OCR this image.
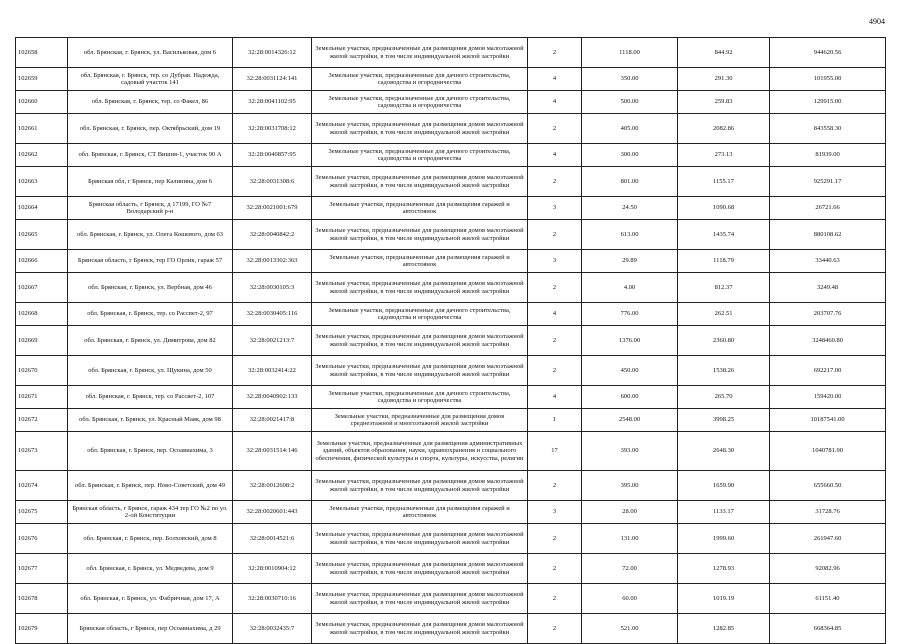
4904
102658	обл. Брянская, г. Брянск, ул. Васильковая, дом 6	32:28:0014326:12	Земельные участки, предназначенные для размещения домов малоэтажной жилой застройки, в том числе индивидуальной жилой застройки	2	1118.00	844.92	944620.56
102659	обл. Брянская, г. Брянск, тер. со Дубрав. Надежда, садовый участок 141	32:28:0031124:141	Земельные участки, предназначенные для дачного строительства, садоводства и огородничества	4	350.00	291.30	101955.00
102660	обл. Брянская, г. Брянск, тер. со Факел, 86	32:28:0041102:95	Земельные участки, предназначенные для дачного строительства, садоводства и огородничества	4	500.00	259.83	129915.00
102661	обл. Брянская, г. Брянск, пер. Октябрьский, дом 19	32:28:0031708:12	Земельные участки, предназначенные для размещения домов малоэтажной жилой застройки, в том числе индивидуальной жилой застройки	2	405.00	2082.86	843558.30
102662	обл. Брянская, г. Брянск, СТ Вишня-1, участок 90 А	32:28:0040857:95	Земельные участки, предназначенные для дачного строительства, садоводства и огородничества	4	300.00	273.13	81939.00
102663	Брянская обл, г Брянск, пер Калинина, дом 6	32:28:0031308:6	Земельные участки, предназначенные для размещения домов малоэтажной жилой застройки, в том числе индивидуальной жилой застройки	2	801.00	1155.17	925291.17
102664	Брянская область, г Брянск, д 17199, ГО №7 Володарский р-н	32:28:0021001:679	Земельные участки, предназначенные для размещения гаражей и автостоянок	3	24.50	1090.68	26721.66
102665	обл. Брянская, г. Брянск, ул. Олега Кошевого, дом 63	32:28:0040842:2	Земельные участки, предназначенные для размещения домов малоэтажной жилой застройки, в том числе индивидуальной жилой застройки	2	613.00	1435.74	880108.62
102666	Брянская область, г Брянск, тер ГО Орлик, гараж 57	32:28:0013302:363	Земельные участки, предназначенные для размещения гаражей и автостоянок	3	29.89	1118.79	33440.63
102667	обл. Брянская, г. Брянск, ул. Вербная, дом 46	32:28:0030105:3	Земельные участки, предназначенные для размещения домов малоэтажной жилой застройки, в том числе индивидуальной жилой застройки	2	4.00	812.37	3249.48
102668	обл. Брянская, г. Брянск, тер. со Рассвет-2, 97	32:28:0030405:116	Земельные участки, предназначенные для дачного строительства, садоводства и огородничества	4	776.00	262.51	203707.76
102669	обл. Брянская, г. Брянск, ул. Димитрова, дом 82	32:28:0021213:7	Земельные участки, предназначенные для размещения домов малоэтажной жилой застройки, в том числе индивидуальной жилой застройки	2	1376.00	2360.80	3248460.80
102670	обл. Брянская, г. Брянск, ул. Щукина, дом 50	32:28:0032414:22	Земельные участки, предназначенные для размещения домов малоэтажной жилой застройки, в том числе индивидуальной жилой застройки	2	450.00	1538.26	692217.00
102671	обл. Брянская, г. Брянск, тер. со Рассвет-2, 107	32:28:0040902:133	Земельные участки, предназначенные для дачного строительства, садоводства и огородничества	4	600.00	265.70	159420.00
102672	обл. Брянская, г. Брянск, ул. Красный Маяк, дом 98	32:28:0021417:8	Земельные участки, предназначенные для размещения домов среднеэтажной и многоэтажной жилой застройки	1	2548.00	3998.25	10187541.00
102673	обл. Брянская, г. Брянск, пер. Осоавиахима, 3	32:28:0031514:146	Земельные участки, предназначенные для размещения административных зданий, объектов образования, науки, здравоохранения и социального обеспечения, физической культуры и спорта, культуры, искусства, религии	17	393.00	2648.30	1040781.90
102674	обл. Брянская, г. Брянск, пер. Ново-Советский, дом 49	32:28:0012608:2	Земельные участки, предназначенные для размещения домов малоэтажной жилой застройки, в том числе индивидуальной жилой застройки	2	395.00	1659.90	655660.50
102675	Брянская область, г Брянск, гараж 434 тер ГО №2 по ул. 2-ой Конституции	32:28:0020601:443	Земельные участки, предназначенные для размещения гаражей и автостоянок	3	28.00	1133.17	31728.76
102676	обл. Брянская, г. Брянск, пер. Болховский, дом 8	32:28:0014521:6	Земельные участки, предназначенные для размещения домов малоэтажной жилой застройки, в том числе индивидуальной жилой застройки	2	131.00	1999.60	261947.60
102677	обл. Брянская, г. Брянск, ул. Медведева, дом 9	32:28:0010904:12	Земельные участки, предназначенные для размещения домов малоэтажной жилой застройки, в том числе индивидуальной жилой застройки	2	72.00	1278.93	92082.96
102678	обл. Брянская, г. Брянск, ул. Фабричная, дом 17, А	32:28:0030710:16	Земельные участки, предназначенные для размещения домов малоэтажной жилой застройки, в том числе индивидуальной жилой застройки	2	60.00	1019.19	61151.40
102679	Брянская область, г Брянск, пер Осоавиахима, д 29	32:28:0032435:7	Земельные участки, предназначенные для размещения домов малоэтажной жилой застройки, в том числе индивидуальной жилой застройки	2	521.00	1282.85	668364.85
